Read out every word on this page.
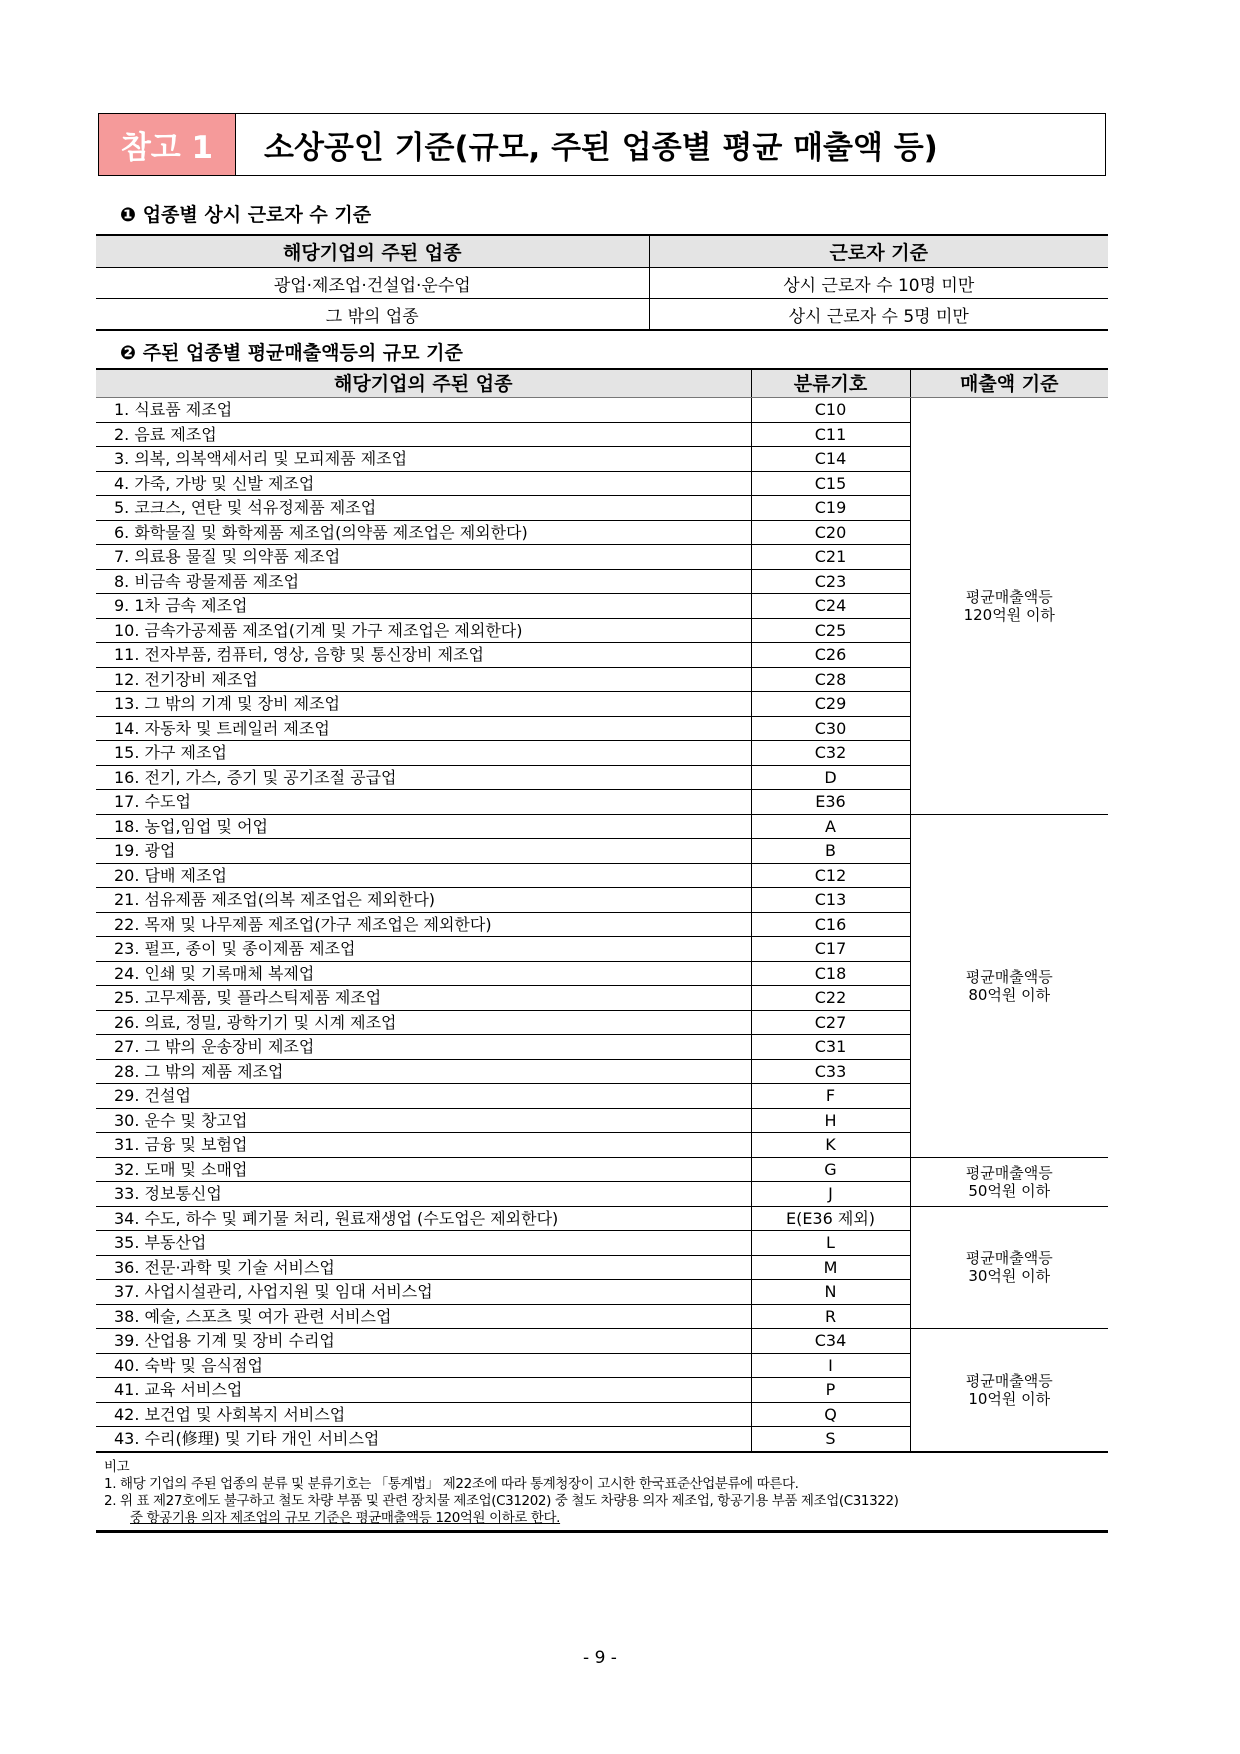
참고 1	소상공인 기준(규모, 주된 업종별 평균 매출액 등)
❶ 업종별 상시 근로자 수 기준
해당기업의 주된 업종	근로자 기준
광업·제조업·건설업·운수업	상시 근로자 수 10명 미만
그 밖의 업종	상시 근로자 수 5명 미만
❷ 주된 업종별 평균매출액등의 규모 기준
해당기업의 주된 업종	분류기호	매출액 기준
1. 식료품 제조업	C10	평균매출액등
120억원 이하

2. 음료 제조업	C11	
3. 의복, 의복액세서리 및 모피제품 제조업	C14	
4. 가죽, 가방 및 신발 제조업	C15	
5. 코크스, 연탄 및 석유정제품 제조업	C19	
6. 화학물질 및 화학제품 제조업(의약품 제조업은 제외한다)	C20	
7. 의료용 물질 및 의약품 제조업	C21	
8. 비금속 광물제품 제조업	C23	
9. 1차 금속 제조업	C24	
10. 금속가공제품 제조업(기계 및 가구 제조업은 제외한다)	C25	
11. 전자부품, 컴퓨터, 영상, 음향 및 통신장비 제조업	C26	
12. 전기장비 제조업	C28	
13. 그 밖의 기계 및 장비 제조업	C29	
14. 자동차 및 트레일러 제조업	C30	
15. 가구 제조업	C32	
16. 전기, 가스, 증기 및 공기조절 공급업	D	
17. 수도업	E36	
18. 농업,임업 및 어업	A	평균매출액등
80억원 이하

19. 광업	B	
20. 담배 제조업	C12	
21. 섬유제품 제조업(의복 제조업은 제외한다)	C13	
22. 목재 및 나무제품 제조업(가구 제조업은 제외한다)	C16	
23. 펄프, 종이 및 종이제품 제조업	C17	
24. 인쇄 및 기록매체 복제업	C18	
25. 고무제품, 및 플라스틱제품 제조업	C22	
26. 의료, 정밀, 광학기기 및 시계 제조업	C27	
27. 그 밖의 운송장비 제조업	C31	
28. 그 밖의 제품 제조업	C33	
29. 건설업	F	
30. 운수 및 창고업	H	
31. 금융 및 보험업	K	
32. 도매 및 소매업	G	평균매출액등
50억원 이하

33. 정보통신업	J	
34. 수도, 하수 및 폐기물 처리, 원료재생업 (수도업은 제외한다)	E(E36 제외)	평균매출액등
30억원 이하

35. 부동산업	L	
36. 전문·과학 및 기술 서비스업	M	
37. 사업시설관리, 사업지원 및 임대 서비스업	N	
38. 예술, 스포츠 및 여가 관련 서비스업	R	
39. 산업용 기계 및 장비 수리업	C34	평균매출액등
10억원 이하

40. 숙박 및 음식점업	I	
41. 교육 서비스업	P	
42. 보건업 및 사회복지 서비스업	Q	
43. 수리(修理) 및 기타 개인 서비스업	S	
비고
1. 해당 기업의 주된 업종의 분류 및 분류기호는 「통계법」 제22조에 따라 통계청장이 고시한 한국표준산업분류에 따른다.
2. 위 표 제27호에도 불구하고 철도 차량 부품 및 관련 장치물 제조업(C31202) 중 철도 차량용 의자 제조업, 항공기용 부품 제조업(C31322)
중 항공기용 의자 제조업의 규모 기준은 평균매출액등 120억원 이하로 한다.
- 9 -
